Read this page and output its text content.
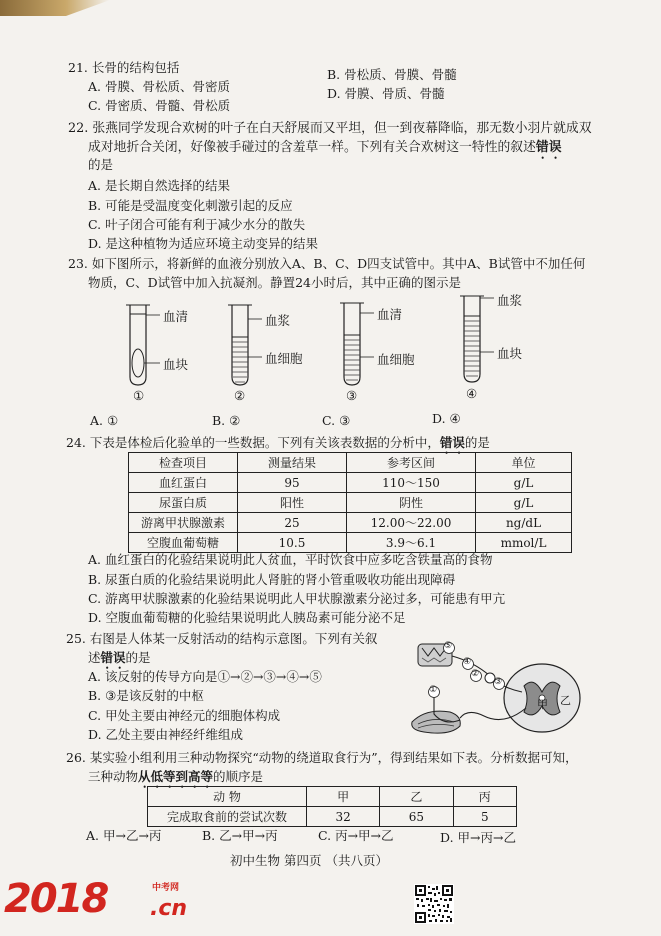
21. 长骨的结构包括
A. 骨膜、骨松质、骨密质
B. 骨松质、骨膜、骨髓
C. 骨密质、骨髓、骨松质
D. 骨膜、骨质、骨髓
22. 张燕同学发现合欢树的叶子在白天舒展而又平坦，但一到夜幕降临，那无数小羽片就成双
成对地折合关闭，好像被手碰过的含羞草一样。下列有关合欢树这一特性的叙述错误
的是
A. 是长期自然选择的结果
B. 可能是受温度变化刺激引起的反应
C. 叶子闭合可能有利于减少水分的散失
D. 是这种植物为适应环境主动变异的结果
23. 如下图所示，将新鲜的血液分别放入A、B、C、D四支试管中。其中A、B试管中不加任何
物质，C、D试管中加入抗凝剂。静置24小时后，其中正确的图示是
血清
血块
①
血浆
血细胞
②
血清
血细胞
③
血浆
血块
④
A. ①	B. ②	C. ③	D. ④
24. 下表是体检后化验单的一些数据。下列有关该表数据的分析中，错误的是
检查项目	测量结果	参考区间	单位
血红蛋白	95	110～150	g/L
尿蛋白质	阳性	阴性	g/L
游离甲状腺激素	25	12.00～22.00	ng/dL
空腹血葡萄糖	10.5	3.9～6.1	mmol/L
A. 血红蛋白的化验结果说明此人贫血，平时饮食中应多吃含铁量高的食物
B. 尿蛋白质的化验结果说明此人肾脏的肾小管重吸收功能出现障碍
C. 游离甲状腺激素的化验结果说明此人甲状腺激素分泌过多，可能患有甲亢
D. 空腹血葡萄糖的化验结果说明此人胰岛素可能分泌不足
25. 右图是人体某一反射活动的结构示意图。下列有关叙
述错误的是
A. 该反射的传导方向是①→②→③→④→⑤
B. ③是该反射的中枢
C. 甲处主要由神经元的细胞体构成
D. 乙处主要由神经纤维组成
⑤
④
③
②
①
甲 乙
26. 某实验小组利用三种动物探究“动物的绕道取食行为”，得到结果如下表。分析数据可知，
三种动物从低等到高等的顺序是
动 物	甲	乙	丙
完成取食前的尝试次数	32	65	5
A. 甲→乙→丙	B. 乙→甲→丙	C. 丙→甲→乙	D. 甲→丙→乙
初中生物 第四页 （共八页）
2018	中考网
.cn
